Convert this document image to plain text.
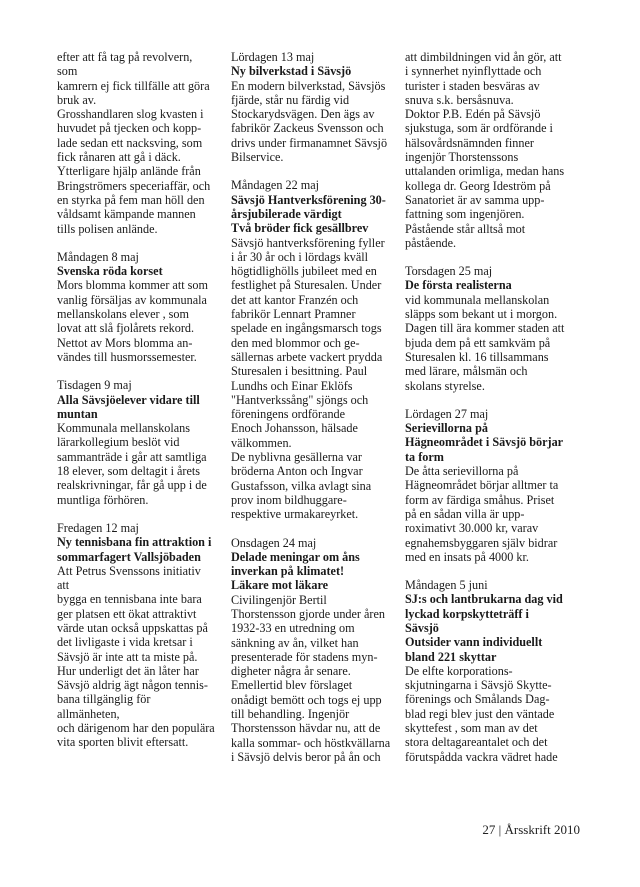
efter att få tag på revolvern, som
kamrern ej fick tillfälle att göra
bruk av.
Grosshandlaren slog kvasten i
huvudet på tjecken och kopp-
lade sedan ett nacksving, som
fick rånaren att gå i däck.
Ytterligare hjälp anlände från
Bringströmers speceriaffär, och
en styrka på fem man höll den
våldsamt kämpande mannen
tills polisen anlände.
Måndagen 8 maj
Svenska röda korset
Mors blomma kommer att som
vanlig försäljas av kommunala
mellanskolans elever , som
lovat att slå fjolårets rekord.
Nettot av Mors blomma an-
vändes till husmorssemester.
Tisdagen 9 maj
Alla Sävsjöelever vidare till
muntan
Kommunala mellanskolans
lärarkollegium beslöt vid
sammanträde i går att samtliga
18 elever, som deltagit i årets
realskrivningar, får gå upp i de
muntliga förhören.
Fredagen 12 maj
Ny tennisbana fin attraktion i
sommarfagert Vallsjöbaden
Att Petrus Svenssons initiativ att
bygga en tennisbana inte bara
ger platsen ett ökat attraktivt
värde utan också uppskattas på
det livligaste i vida kretsar i
Sävsjö är inte att ta miste på.
Hur underligt det än låter har
Sävsjö aldrig ägt någon tennis-
bana tillgänglig för allmänheten,
och därigenom har den populära
vita sporten blivit eftersatt.
Lördagen 13 maj
Ny bilverkstad i Sävsjö
En modern bilverkstad, Sävsjös
fjärde, står nu färdig vid
Stockarydsvägen. Den ägs av
fabrikör Zackeus Svensson och
drivs under firmanamnet Sävsjö
Bilservice.
Måndagen 22 maj
Sävsjö Hantverksförening 30-
årsjubilerade värdigt
Två bröder fick gesällbrev
Sävsjö hantverksförening fyller
i år 30 år och i lördags kväll
högtidlighölls jubileet med en
festlighet på Sturesalen. Under
det att kantor Franzén och
fabrikör Lennart Pramner
spelade en ingångsmarsch togs
den med blommor och ge-
sällernas arbete vackert prydda
Sturesalen i besittning. Paul
Lundhs och Einar Eklöfs
"Hantverkssång" sjöngs och
föreningens ordförande
Enoch Johansson, hälsade
välkommen.
De nyblivna gesällerna var
bröderna Anton och Ingvar
Gustafsson, vilka avlagt sina
prov inom bildhuggare-
respektive urmakareyrket.
Onsdagen 24 maj
Delade meningar om åns
inverkan på klimatet!
Läkare mot läkare
Civilingenjör Bertil
Thorstensson gjorde under åren
1932-33 en utredning om
sänkning av ån, vilket han
presenterade för stadens myn-
digheter några år senare.
Emellertid blev förslaget
onådigt bemött och togs ej upp
till behandling. Ingenjör
Thorstensson hävdar nu, att de
kalla sommar- och höstkvällarna
i Sävsjö delvis beror på ån och
att dimbildningen vid ån gör, att
i synnerhet nyinflyttade och
turister i staden besväras av
snuva s.k. bersåsnuva.
Doktor P.B. Edén på Sävsjö
sjukstuga, som är ordförande i
hälsovårdsnämnden finner
ingenjör Thorstenssons
uttalanden orimliga, medan hans
kollega dr. Georg Ideström på
Sanatoriet är av samma upp-
fattning som ingenjören.
Påstående står alltså mot
påstående.
Torsdagen 25 maj
De första realisterna
vid kommunala mellanskolan
släpps som bekant ut i morgon.
Dagen till ära kommer staden att
bjuda dem på ett samkväm på
Sturesalen kl. 16 tillsammans
med lärare, målsmän och
skolans styrelse.
Lördagen 27 maj
Serievillorna på
Hägneområdet i Sävsjö börjar
ta form
De åtta serievillorna på
Hägneområdet börjar alltmer ta
form av färdiga småhus. Priset
på en sådan villa är upp-
roximativt 30.000 kr, varav
egnahemsbyggaren själv bidrar
med en insats på 4000 kr.
Måndagen 5 juni
SJ:s och lantbrukarna dag vid
lyckad korpskytteträff i
Sävsjö
Outsider vann individuellt
bland 221 skyttar
De elfte korporations-
skjutningarna i Sävsjö Skytte-
förenings och Smålands Dag-
blad regi blev just den väntade
skyttefest , som man av det
stora deltagareantalet och det
förutspådda vackra vädret hade
27 | Årsskrift 2010
